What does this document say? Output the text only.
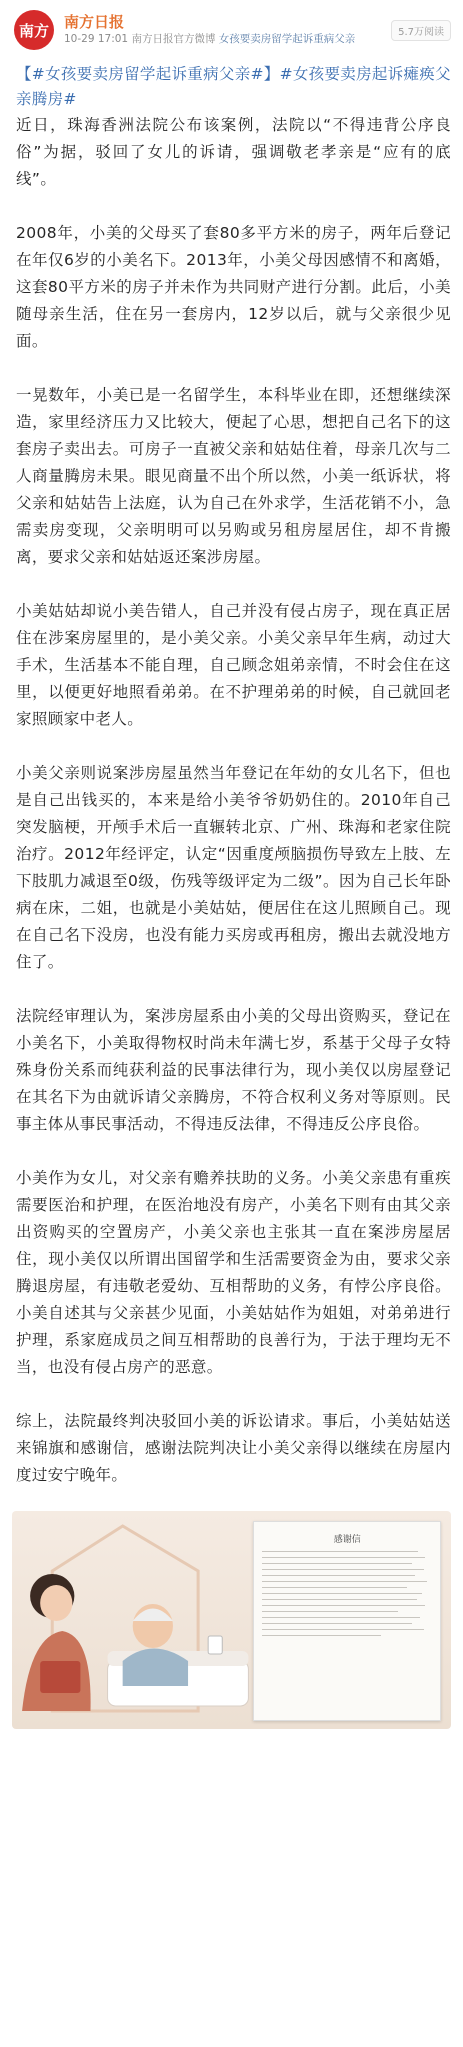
南方	南方日报
10-29 17:01 南方日报官方微博 女孩要卖房留学起诉重病父亲
5.7万阅读

【#女孩要卖房留学起诉重病父亲#】#女孩要卖房起诉瘫痪父亲腾房#

近日，珠海香洲法院公布该案例，法院以“不得违背公序良俗”为据，驳回了女儿的诉请，强调敬老孝亲是“应有的底线”。

2008年，小美的父母买了套80多平方米的房子，两年后登记在年仅6岁的小美名下。2013年，小美父母因感情不和离婚，这套80平方米的房子并未作为共同财产进行分割。此后，小美随母亲生活，住在另一套房内，12岁以后，就与父亲很少见面。

一晃数年，小美已是一名留学生，本科毕业在即，还想继续深造，家里经济压力又比较大，便起了心思，想把自己名下的这套房子卖出去。可房子一直被父亲和姑姑住着，母亲几次与二人商量腾房未果。眼见商量不出个所以然，小美一纸诉状，将父亲和姑姑告上法庭，认为自己在外求学，生活花销不小，急需卖房变现，父亲明明可以另购或另租房屋居住，却不肯搬离，要求父亲和姑姑返还案涉房屋。

小美姑姑却说小美告错人，自己并没有侵占房子，现在真正居住在涉案房屋里的，是小美父亲。小美父亲早年生病，动过大手术，生活基本不能自理，自己顾念姐弟亲情，不时会住在这里，以便更好地照看弟弟。在不护理弟弟的时候，自己就回老家照顾家中老人。

小美父亲则说案涉房屋虽然当年登记在年幼的女儿名下，但也是自己出钱买的，本来是给小美爷爷奶奶住的。2010年自己突发脑梗，开颅手术后一直辗转北京、广州、珠海和老家住院治疗。2012年经评定，认定“因重度颅脑损伤导致左上肢、左下肢肌力减退至0级，伤残等级评定为二级”。因为自己长年卧病在床，二姐，也就是小美姑姑，便居住在这儿照顾自己。现在自己名下没房，也没有能力买房或再租房，搬出去就没地方住了。

法院经审理认为，案涉房屋系由小美的父母出资购买，登记在小美名下，小美取得物权时尚未年满七岁，系基于父母子女特殊身份关系而纯获利益的民事法律行为，现小美仅以房屋登记在其名下为由就诉请父亲腾房，不符合权利义务对等原则。民事主体从事民事活动，不得违反法律，不得违反公序良俗。

小美作为女儿，对父亲有赡养扶助的义务。小美父亲患有重疾需要医治和护理，在医治地没有房产，小美名下则有由其父亲出资购买的空置房产，小美父亲也主张其一直在案涉房屋居住，现小美仅以所谓出国留学和生活需要资金为由，要求父亲腾退房屋，有违敬老爱幼、互相帮助的义务，有悖公序良俗。小美自述其与父亲甚少见面，小美姑姑作为姐姐，对弟弟进行护理，系家庭成员之间互相帮助的良善行为，于法于理均无不当，也没有侵占房产的恶意。

综上，法院最终判决驳回小美的诉讼请求。事后，小美姑姑送来锦旗和感谢信，感谢法院判决让小美父亲得以继续在房屋内度过安宁晚年。

感谢信
